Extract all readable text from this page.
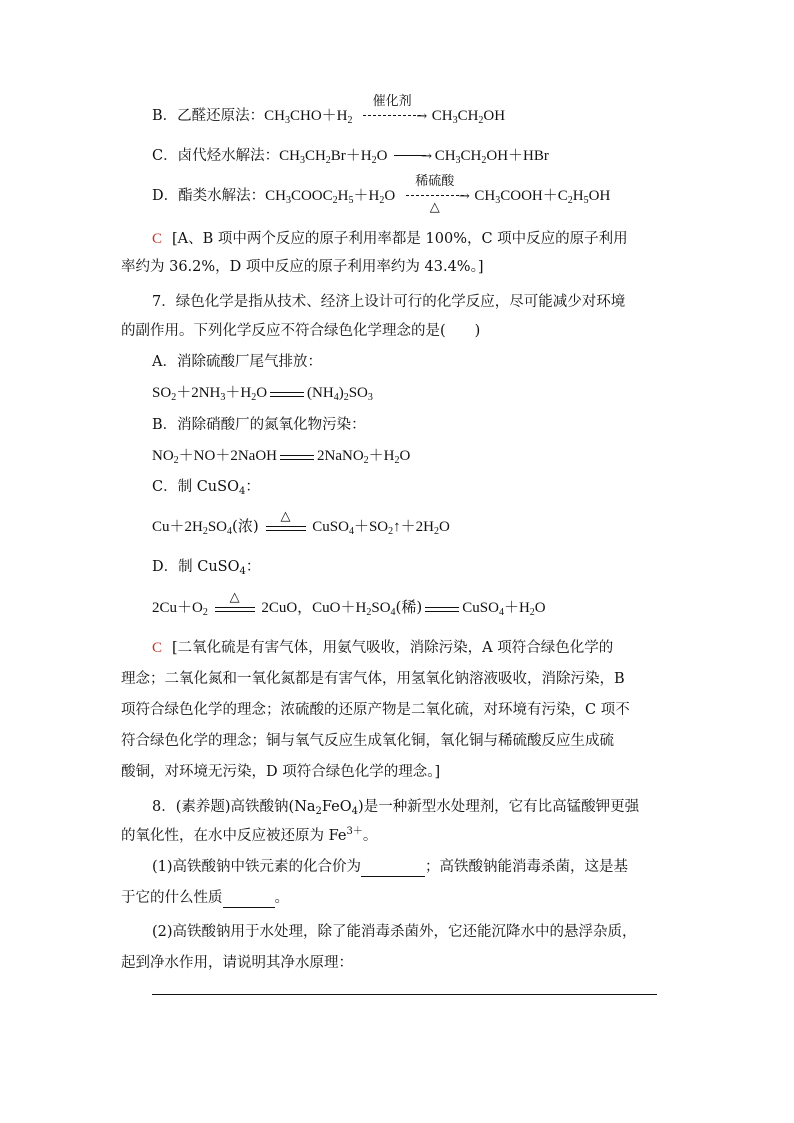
B．乙醛还原法：$CH_3CHO+H_2$
催化剂
→ $CH_3CH_2OH$
C．卤代烃水解法：$CH_3CH_2Br+H_2O$	→ $CH_3CH_2OH+HBr$
D．酯类水解法：$CH_3COOC_2H_5+H_2O$
稀硫酸
→
△
$CH_3COOH+C_2H_5OH$
C [A、B 项中两个反应的原子利用率都是 100%，C 项中反应的原子利用
率约为 36.2%，D 项中反应的原子利用率约为 43.4%。]
7．绿色化学是指从技术、经济上设计可行的化学反应，尽可能减少对环境
的副作用。下列化学反应不符合绿色化学理念的是(　　)
A．消除硫酸厂尾气排放：
$SO_2+2NH_3+H_2O$	$(NH_4)_2SO_3$
B．消除硝酸厂的氮氧化物污染：
$NO_2+NO+2NaOH$	$2NaNO_2+H_2O$
C．制 CuSO$_4$：
$Cu+2H_2SO_4$(浓)
△
$CuSO_4+SO_2↑+2H_2O$
D．制 CuSO$_4$：
$2Cu+O_2$
△
2CuO，$CuO+H_2SO_4$(稀)	$CuSO_4+H_2O$
C [二氧化硫是有害气体，用氨气吸收，消除污染，A 项符合绿色化学的
理念；二氧化氮和一氧化氮都是有害气体，用氢氧化钠溶液吸收，消除污染，B
项符合绿色化学的理念；浓硫酸的还原产物是二氧化硫，对环境有污染，C 项不
符合绿色化学的理念；铜与氧气反应生成氧化铜，氧化铜与稀硫酸反应生成硫
酸铜，对环境无污染，D 项符合绿色化学的理念。]
8．(素养题)高铁酸钠$(Na_2FeO_4)$是一种新型水处理剂，它有比高锰酸钾更强
的氧化性，在水中反应被还原为 $Fe^{3+}$。
(1)高铁酸钠中铁元素的化合价为	；高铁酸钠能消毒杀菌，这是基
于它的什么性质	。
(2)高铁酸钠用于水处理，除了能消毒杀菌外，它还能沉降水中的悬浮杂质，
起到净水作用，请说明其净水原理：
